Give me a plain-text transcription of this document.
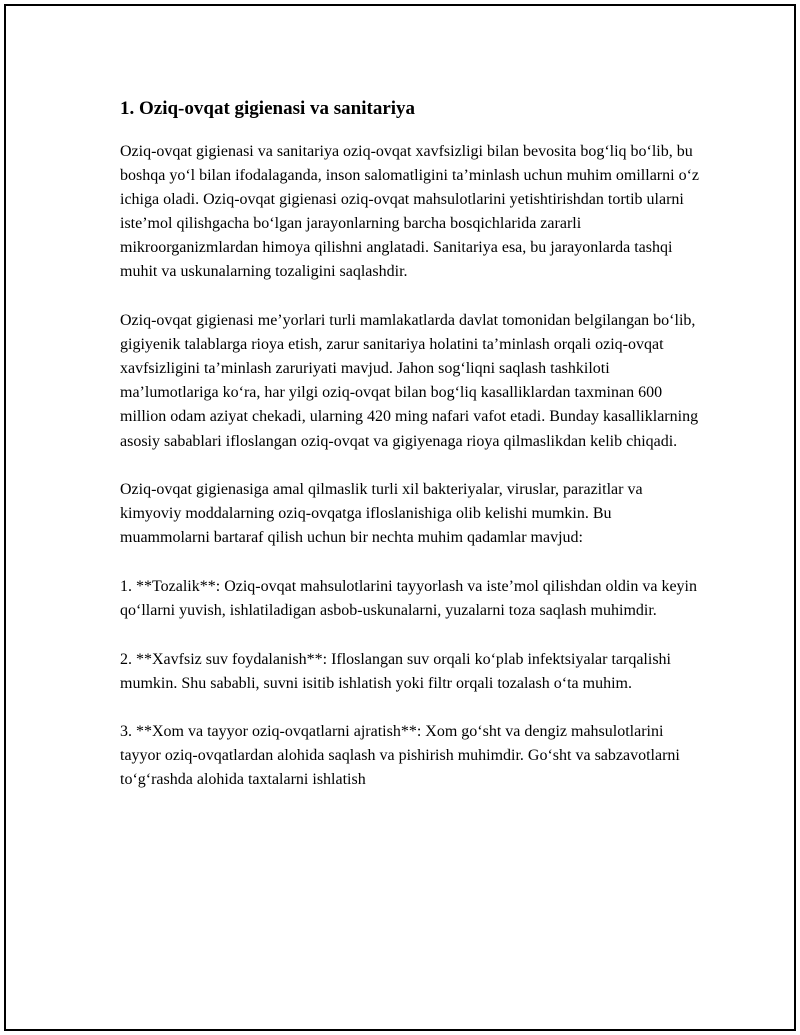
1. Oziq-ovqat gigienasi va sanitariya

Oziq-ovqat gigienasi va sanitariya oziq-ovqat xavfsizligi bilan bevosita bog‘liq bo‘lib, bu boshqa yo‘l bilan ifodalaganda, inson salomatligini ta’minlash uchun muhim omillarni o‘z ichiga oladi. Oziq-ovqat gigienasi oziq-ovqat mahsulotlarini yetishtirishdan tortib ularni iste’mol qilishgacha bo‘lgan jarayonlarning barcha bosqichlarida zararli mikroorganizmlardan himoya qilishni anglatadi. Sanitariya esa, bu jarayonlarda tashqi muhit va uskunalarning tozaligini saqlashdir.

Oziq-ovqat gigienasi me’yorlari turli mamlakatlarda davlat tomonidan belgilangan bo‘lib, gigiyenik talablarga rioya etish, zarur sanitariya holatini ta’minlash orqali oziq-ovqat xavfsizligini ta’minlash zaruriyati mavjud. Jahon sog‘liqni saqlash tashkiloti ma’lumotlariga ko‘ra, har yilgi oziq-ovqat bilan bog‘liq kasalliklardan taxminan 600 million odam aziyat chekadi, ularning 420 ming nafari vafot etadi. Bunday kasalliklarning asosiy sabablari ifloslangan oziq-ovqat va gigiyenaga rioya qilmaslikdan kelib chiqadi.

Oziq-ovqat gigienasiga amal qilmaslik turli xil bakteriyalar, viruslar, parazitlar va kimyoviy moddalarning oziq-ovqatga ifloslanishiga olib kelishi mumkin. Bu muammolarni bartaraf qilish uchun bir nechta muhim qadamlar mavjud:

1. **Tozalik**: Oziq-ovqat mahsulotlarini tayyorlash va iste’mol qilishdan oldin va keyin qo‘llarni yuvish, ishlatiladigan asbob-uskunalarni, yuzalarni toza saqlash muhimdir.

2. **Xavfsiz suv foydalanish**: Ifloslangan suv orqali ko‘plab infektsiyalar tarqalishi mumkin. Shu sababli, suvni isitib ishlatish yoki filtr orqali tozalash o‘ta muhim.

3. **Xom va tayyor oziq-ovqatlarni ajratish**: Xom go‘sht va dengiz mahsulotlarini tayyor oziq-ovqatlardan alohida saqlash va pishirish muhimdir. Go‘sht va sabzavotlarni to‘g‘rashda alohida taxtalarni ishlatish
